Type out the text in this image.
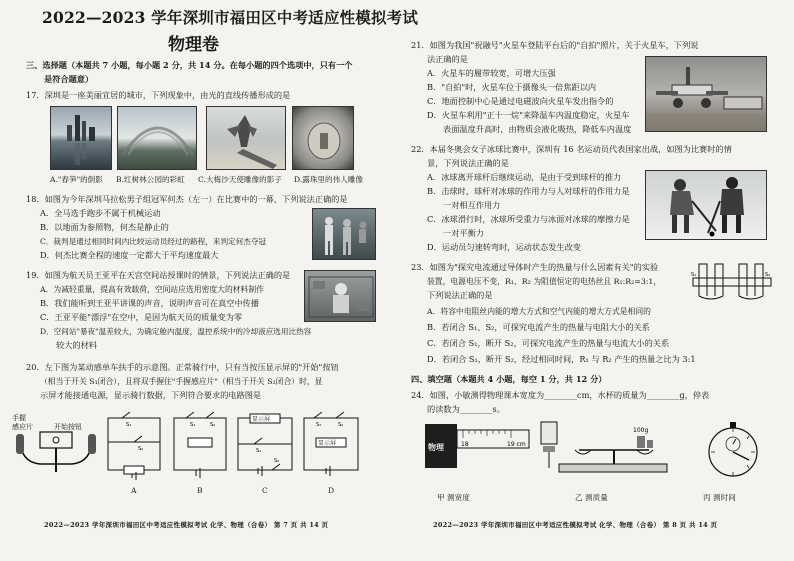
2022—2023 学年深圳市福田区中考适应性模拟考试
物理卷
三、选择题（本题共 7 小题，每小题 2 分，共 14 分。在每小题的四个选项中，只有一个
是符合题意）
17．深圳是一座美丽宜居的城市，下列现象中，由光的直线传播形成的是
A."春笋"的倒影 B.红树林公园的彩虹 C.大梅沙天使雕像的影子 D.露珠里的伟人雕像
18．如图为今年深圳马拉松男子组冠军何杰（左一）在比赛中的一幕，下列说法正确的是
A．全马选手跑步不属于机械运动
B．以地面为参照物，何杰是静止的
C．裁判是通过相同时间内比较运动员经过的路程，来判定何杰夺冠
D．何杰比赛全程的速度一定都大于平均速度最大
19．如图为航天员王亚平在天宫空间站授课时的情景，下列说法正确的是
A．为减轻重量，提高有效载荷，空间站应选用密度大的材料制作
B．我们能听到王亚平讲课的声音，说明声音可在真空中传播
C．王亚平能"漂浮"在空中，是因为航天员的质量变为零
D．空间站"暴夜"温差较大，为确定舱内温度，温控系统中的冷却液应选用比热容
较大的材料
20．左下图为某动感单车扶手的示意图。正常骑行中，只有当按压显示屏的"开始"按钮
（相当于开关 S₁闭合），且将双手握住"手握感应片"（相当于开关 S₂闭合）时，显
示屏才能接通电源，显示骑行数据，下列符合要求的电路图是
手握
感应片	开始按钮	S₁
S₂
S₁	S₂
显示屏
S₁
S₂
S₁	S₂
显示屏
A	B	C	D
2022—2023 学年深圳市福田区中考适应性模拟考试 化学、物理（合卷） 第 7 页 共 14 页
21．如图为我国"祝融号"火星车登陆平台后的"自拍"照片，关于火星车，下列说
法正确的是
A．火星车的履带较宽，可增大压强
B．"自拍"时，火星车位于摄像头一倍焦距以内
C．地面控制中心是通过电磁波向火星车发出指令的
D．火星车利用"正十一烷"来降温车内温度稳定，火星车
表面温度升高时，由物质会液化吸热，降低车内温度
22．本届冬奥会女子冰球比赛中，深圳有 16 名运动员代表国家出战，如图为比赛时的情
景，下列说法正确的是
A．冰球离开球杆后继续运动，是由于受到球杆的推力
B．击球时，球杆对冰球的作用力与人对球杆的作用力是
一对相互作用力
C．冰球滑行时，冰球所受重力与冰面对冰球的摩擦力是
一对平衡力
D．运动员匀速转弯时，运动状态发生改变
23．如图为"探究电流通过导体时产生的热量与什么因素有关"的实验
装置，电源电压不变，R₁、R₂ 为阻值恒定的电热丝且 R₁:R₂=3:1，
下列说法正确的是
A．将容中电阻丝内能的增大方式和空气内能的增大方式是相同的
B．若闭合 S₁、S₂，可探究电流产生的热量与电阻大小的关系
C．若闭合 S₁，断开 S₂，可探究电流产生的热量与电流大小的关系
D．若闭合 S₁，断开 S₂，经过相同时间，R₁ 与 R₂ 产生的热量之比为 3:1
S₁	S₂
四、填空题（本题共 4 小题，每空 1 分，共 12 分）
24．如图，小敏测得物理课本宽度为________cm，水杯的质量为________g，停表
的读数为________s。
物理	18	19 cm
100g
甲 测宽度	乙 测质量	丙 测时间
2022—2023 学年深圳市福田区中考适应性模拟考试 化学、物理（合卷） 第 8 页 共 14 页
